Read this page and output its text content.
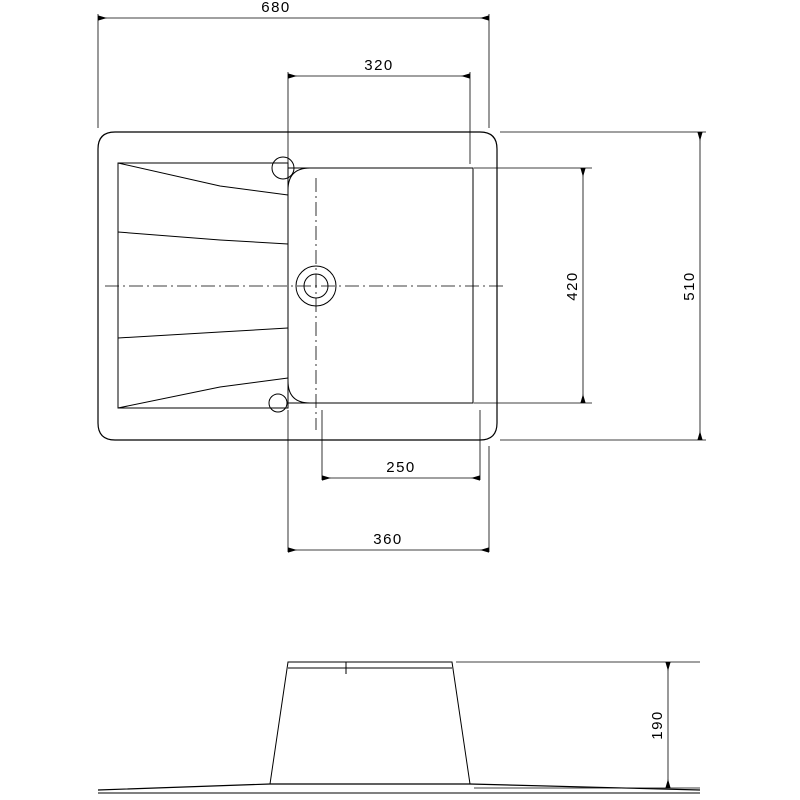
680
320
250
360
510
420
190
